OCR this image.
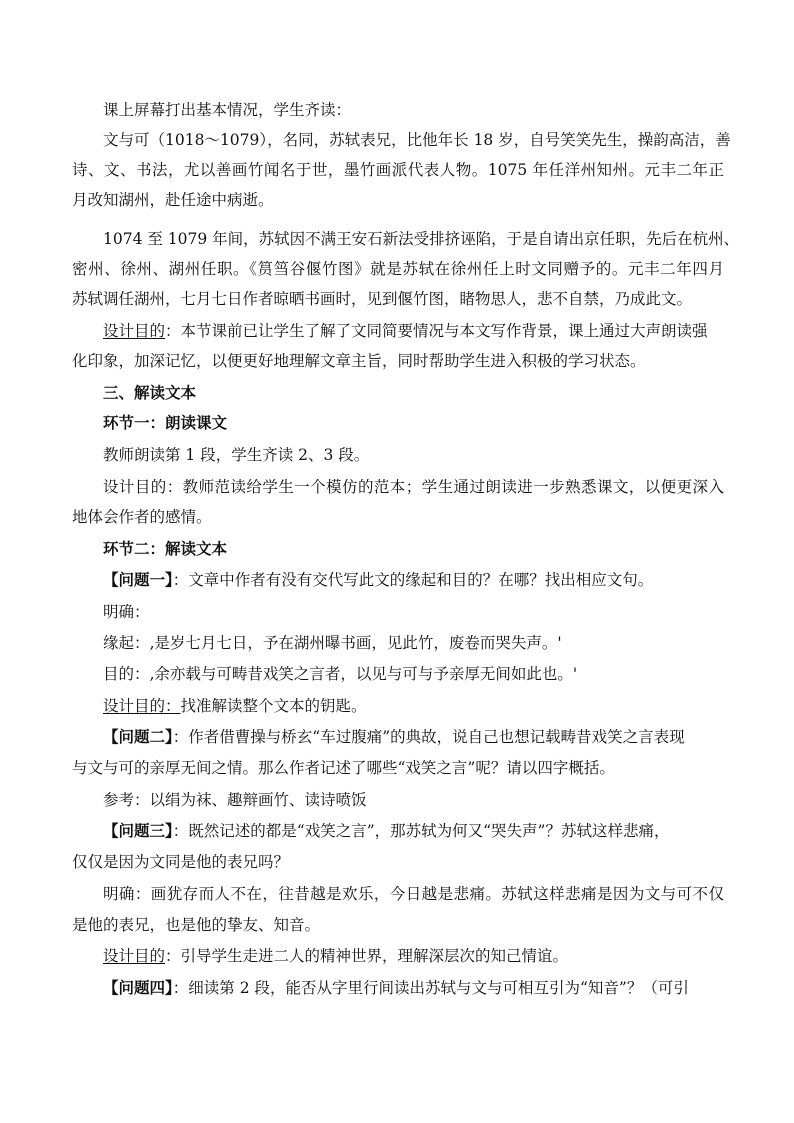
课上屏幕打出基本情况，学生齐读：
文与可（1018～1079），名同，苏轼表兄，比他年长 18 岁，自号笑笑先生，操韵高洁，善
诗、文、书法，尤以善画竹闻名于世，墨竹画派代表人物。1075 年任洋州知州。元丰二年正
月改知湖州，赴任途中病逝。
1074 至 1079 年间，苏轼因不满王安石新法受排挤诬陷，于是自请出京任职，先后在杭州、
密州、徐州、湖州任职。《筼筜谷偃竹图》就是苏轼在徐州任上时文同赠予的。元丰二年四月
苏轼调任湖州，七月七日作者晾晒书画时，见到偃竹图，睹物思人，悲不自禁，乃成此文。
设计目的：本节课前已让学生了解了文同简要情况与本文写作背景，课上通过大声朗读强
化印象，加深记忆，以便更好地理解文章主旨，同时帮助学生进入积极的学习状态。
三、解读文本
环节一：朗读课文
教师朗读第 1 段，学生齐读 2、3 段。
设计目的：教师范读给学生一个模仿的范本；学生通过朗读进一步熟悉课文，以便更深入
地体会作者的感情。
环节二：解读文本
【问题一】：文章中作者有没有交代写此文的缘起和目的？在哪？找出相应文句。
明确：
缘起：‚是岁七月七日，予在湖州曝书画，见此竹，废卷而哭失声。'
目的：‚余亦载与可畴昔戏笑之言者，以见与可与予亲厚无间如此也。'
设计目的：找准解读整个文本的钥匙。
【问题二】：作者借曹操与桥玄“车过腹痛”的典故，说自己也想记载畴昔戏笑之言表现
与文与可的亲厚无间之情。那么作者记述了哪些“戏笑之言”呢？请以四字概括。
参考：以绢为袜、趣辩画竹、读诗喷饭
【问题三】：既然记述的都是“戏笑之言”，那苏轼为何又“哭失声”？苏轼这样悲痛，
仅仅是因为文同是他的表兄吗？
明确：画犹存而人不在，往昔越是欢乐，今日越是悲痛。苏轼这样悲痛是因为文与可不仅
是他的表兄，也是他的挚友、知音。
设计目的：引导学生走进二人的精神世界，理解深层次的知己情谊。
【问题四】：细读第 2 段，能否从字里行间读出苏轼与文与可相互引为“知音”？（可引
